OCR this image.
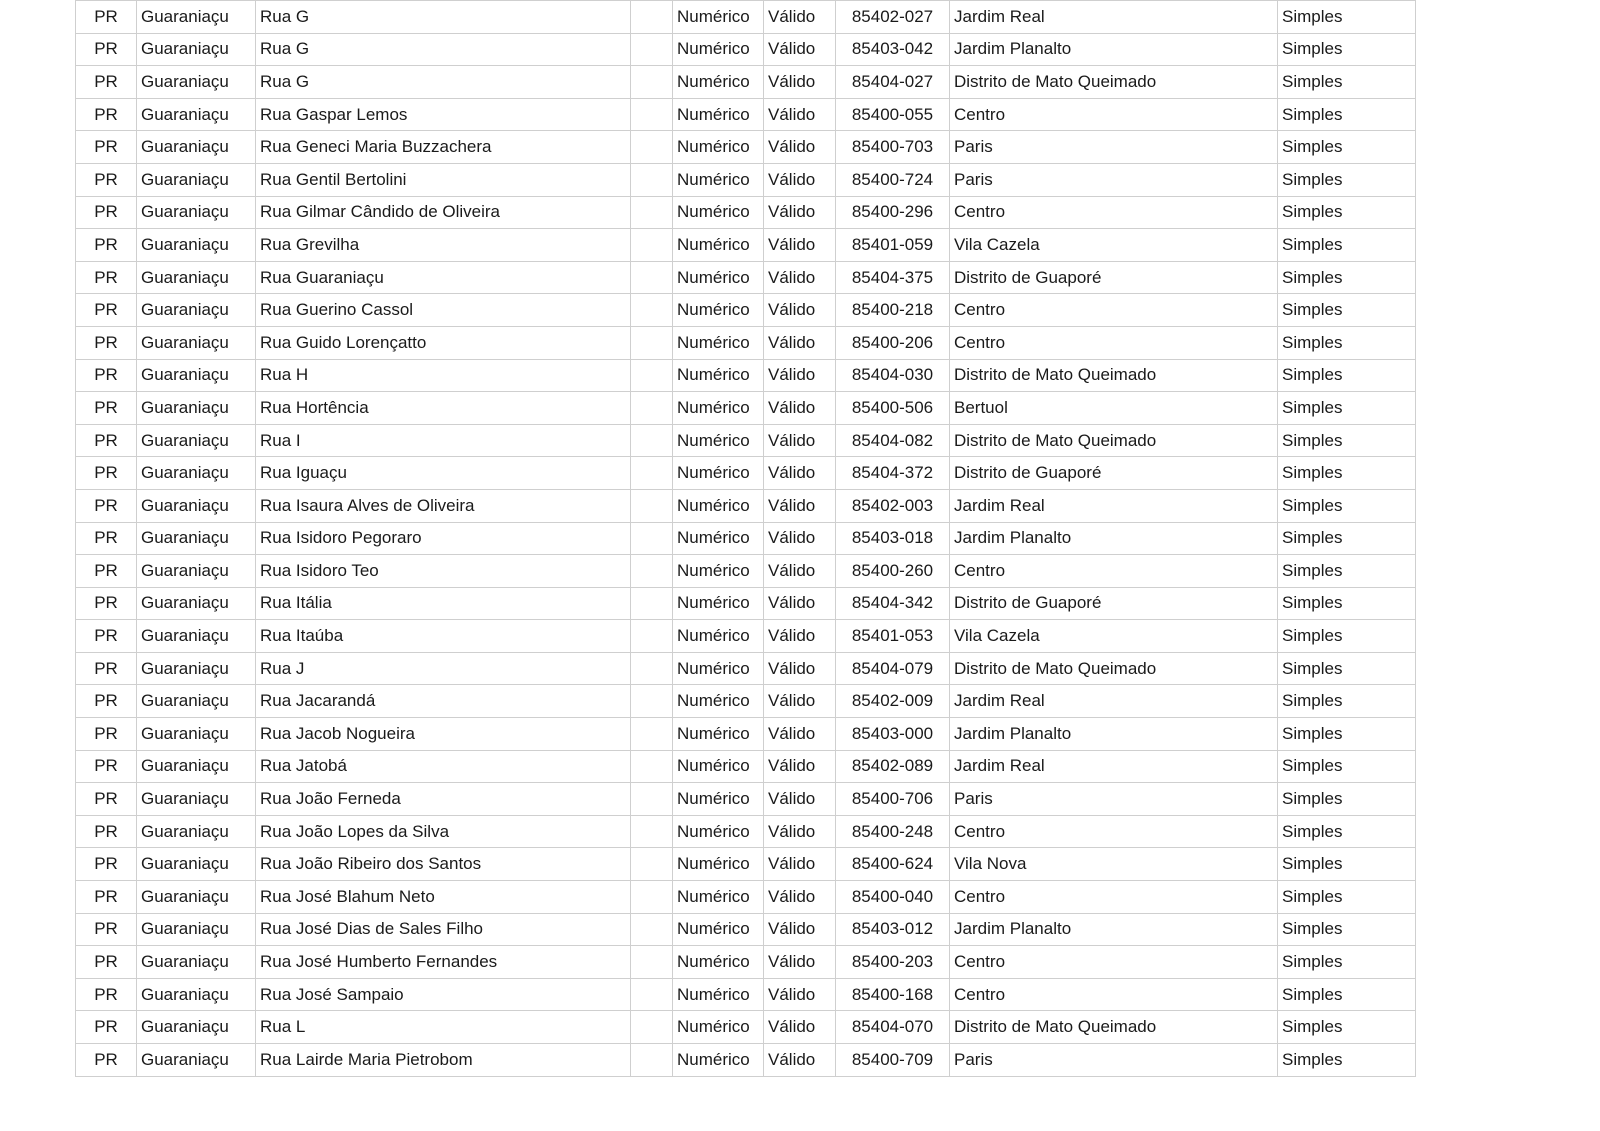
PR	Guaraniaçu	Rua G		Numérico	Válido	85402-027	Jardim Real	Simples
PR	Guaraniaçu	Rua G		Numérico	Válido	85403-042	Jardim Planalto	Simples
PR	Guaraniaçu	Rua G		Numérico	Válido	85404-027	Distrito de Mato Queimado	Simples
PR	Guaraniaçu	Rua Gaspar Lemos		Numérico	Válido	85400-055	Centro	Simples
PR	Guaraniaçu	Rua Geneci Maria Buzzachera		Numérico	Válido	85400-703	Paris	Simples
PR	Guaraniaçu	Rua Gentil Bertolini		Numérico	Válido	85400-724	Paris	Simples
PR	Guaraniaçu	Rua Gilmar Cândido de Oliveira		Numérico	Válido	85400-296	Centro	Simples
PR	Guaraniaçu	Rua Grevilha		Numérico	Válido	85401-059	Vila Cazela	Simples
PR	Guaraniaçu	Rua Guaraniaçu		Numérico	Válido	85404-375	Distrito de Guaporé	Simples
PR	Guaraniaçu	Rua Guerino Cassol		Numérico	Válido	85400-218	Centro	Simples
PR	Guaraniaçu	Rua Guido Lorençatto		Numérico	Válido	85400-206	Centro	Simples
PR	Guaraniaçu	Rua H		Numérico	Válido	85404-030	Distrito de Mato Queimado	Simples
PR	Guaraniaçu	Rua Hortência		Numérico	Válido	85400-506	Bertuol	Simples
PR	Guaraniaçu	Rua I		Numérico	Válido	85404-082	Distrito de Mato Queimado	Simples
PR	Guaraniaçu	Rua Iguaçu		Numérico	Válido	85404-372	Distrito de Guaporé	Simples
PR	Guaraniaçu	Rua Isaura Alves de Oliveira		Numérico	Válido	85402-003	Jardim Real	Simples
PR	Guaraniaçu	Rua Isidoro Pegoraro		Numérico	Válido	85403-018	Jardim Planalto	Simples
PR	Guaraniaçu	Rua Isidoro Teo		Numérico	Válido	85400-260	Centro	Simples
PR	Guaraniaçu	Rua Itália		Numérico	Válido	85404-342	Distrito de Guaporé	Simples
PR	Guaraniaçu	Rua Itaúba		Numérico	Válido	85401-053	Vila Cazela	Simples
PR	Guaraniaçu	Rua J		Numérico	Válido	85404-079	Distrito de Mato Queimado	Simples
PR	Guaraniaçu	Rua Jacarandá		Numérico	Válido	85402-009	Jardim Real	Simples
PR	Guaraniaçu	Rua Jacob Nogueira		Numérico	Válido	85403-000	Jardim Planalto	Simples
PR	Guaraniaçu	Rua Jatobá		Numérico	Válido	85402-089	Jardim Real	Simples
PR	Guaraniaçu	Rua João Ferneda		Numérico	Válido	85400-706	Paris	Simples
PR	Guaraniaçu	Rua João Lopes da Silva		Numérico	Válido	85400-248	Centro	Simples
PR	Guaraniaçu	Rua João Ribeiro dos Santos		Numérico	Válido	85400-624	Vila Nova	Simples
PR	Guaraniaçu	Rua José Blahum Neto		Numérico	Válido	85400-040	Centro	Simples
PR	Guaraniaçu	Rua José Dias de Sales Filho		Numérico	Válido	85403-012	Jardim Planalto	Simples
PR	Guaraniaçu	Rua José Humberto Fernandes		Numérico	Válido	85400-203	Centro	Simples
PR	Guaraniaçu	Rua José Sampaio		Numérico	Válido	85400-168	Centro	Simples
PR	Guaraniaçu	Rua L		Numérico	Válido	85404-070	Distrito de Mato Queimado	Simples
PR	Guaraniaçu	Rua Lairde Maria Pietrobom		Numérico	Válido	85400-709	Paris	Simples
